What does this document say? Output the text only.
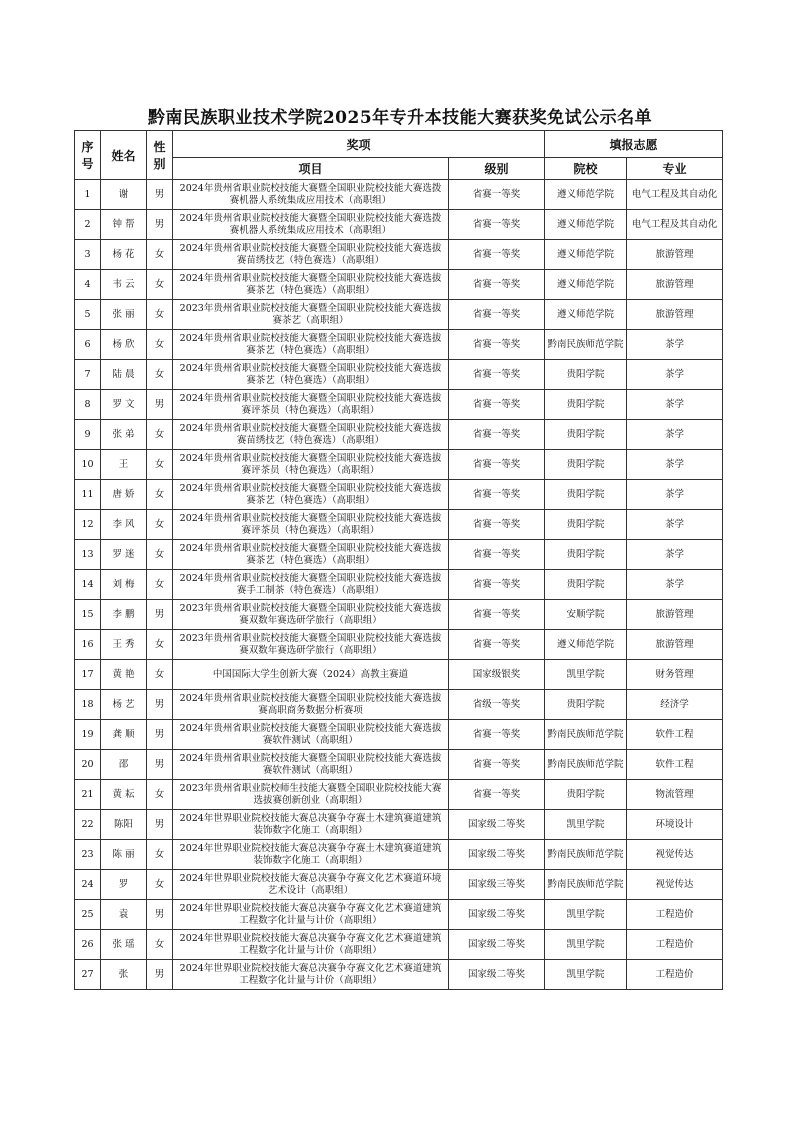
黔南民族职业技术学院2025年专升本技能大赛获奖免试公示名单
序号	姓名	性别	奖项		填报志愿	
			项目	级别	院校	专业
1	谢	男	2024年贵州省职业院校技能大赛暨全国职业院校技能大赛选拨赛机器人系统集成应用技术（高职组）	省赛一等奖	遵义师范学院	电气工程及其自动化
2	钟 帮	男	2024年贵州省职业院校技能大赛暨全国职业院校技能大赛选拨赛机器人系统集成应用技术（高职组）	省赛一等奖	遵义师范学院	电气工程及其自动化
3	杨 花	女	2024年贵州省职业院校技能大赛暨全国职业院校技能大赛选拔赛苗绣技艺（特色赛选）（高职组）	省赛一等奖	遵义师范学院	旅游管理
4	韦 云	女	2024年贵州省职业院校技能大赛暨全国职业院校技能大赛选拔赛茶艺（特色赛选）（高职组）	省赛一等奖	遵义师范学院	旅游管理
5	张 丽	女	2023年贵州省职业院校技能大赛暨全国职业院校技能大赛选拔赛茶艺（高职组）	省赛一等奖	遵义师范学院	旅游管理
6	杨 欣	女	2024年贵州省职业院校技能大赛暨全国职业院校技能大赛选拔赛茶艺（特色赛选）（高职组）	省赛一等奖	黔南民族师范学院	茶学
7	陆 晨	女	2024年贵州省职业院校技能大赛暨全国职业院校技能大赛选拔赛茶艺（特色赛选）（高职组）	省赛一等奖	贵阳学院	茶学
8	罗 文	男	2024年贵州省职业院校技能大赛暨全国职业院校技能大赛选拔赛评茶员（特色赛选）（高职组）	省赛一等奖	贵阳学院	茶学
9	张 弟	女	2024年贵州省职业院校技能大赛暨全国职业院校技能大赛选拔赛苗绣技艺（特色赛选）（高职组）	省赛一等奖	贵阳学院	茶学
10	王	女	2024年贵州省职业院校技能大赛暨全国职业院校技能大赛选拔赛评茶员（特色赛选）（高职组）	省赛一等奖	贵阳学院	茶学
11	唐 娇	女	2024年贵州省职业院校技能大赛暨全国职业院校技能大赛选拔赛茶艺（特色赛选）（高职组）	省赛一等奖	贵阳学院	茶学
12	李 风	女	2024年贵州省职业院校技能大赛暨全国职业院校技能大赛选拔赛评茶员（特色赛选）（高职组）	省赛一等奖	贵阳学院	茶学
13	罗 迷	女	2024年贵州省职业院校技能大赛暨全国职业院校技能大赛选拔赛茶艺（特色赛选）（高职组）	省赛一等奖	贵阳学院	茶学
14	刘 梅	女	2024年贵州省职业院校技能大赛暨全国职业院校技能大赛选拔赛手工制茶（特色赛选）（高职组）	省赛一等奖	贵阳学院	茶学
15	李 鹏	男	2023年贵州省职业院校技能大赛暨全国职业院校技能大赛选拔赛双数年赛选研学旅行（高职组）	省赛一等奖	安顺学院	旅游管理
16	王 秀	女	2023年贵州省职业院校技能大赛暨全国职业院校技能大赛选拔赛双数年赛选研学旅行（高职组）	省赛一等奖	遵义师范学院	旅游管理
17	黄 艳	女	中国国际大学生创新大赛（2024）高教主赛道	国家级银奖	凯里学院	财务管理
18	杨 艺	男	2024年贵州省职业院校技能大赛暨全国职业院校技能大赛选拔赛高职商务数据分析赛项	省级一等奖	贵阳学院	经济学
19	龚 顺	男	2024年贵州省职业院校技能大赛暨全国职业院校技能大赛选拔赛软件测试（高职组）	省赛一等奖	黔南民族师范学院	软件工程
20	邵	男	2024年贵州省职业院校技能大赛暨全国职业院校技能大赛选拔赛软件测试（高职组）	省赛一等奖	黔南民族师范学院	软件工程
21	黄 耘	女	2023年贵州省职业院校师生技能大赛暨全国职业院校技能大赛选拔赛创新创业（高职组）	省赛一等奖	贵阳学院	物流管理
22	陈阳	男	2024年世界职业院校技能大赛总决赛争夺赛土木建筑赛道建筑装饰数字化施工（高职组）	国家级二等奖	凯里学院	环境设计
23	陈 丽	女	2024年世界职业院校技能大赛总决赛争夺赛土木建筑赛道建筑装饰数字化施工（高职组）	国家级二等奖	黔南民族师范学院	视觉传达
24	罗	女	2024年世界职业院校技能大赛总决赛争夺赛文化艺术赛道环境艺术设计（高职组）	国家级三等奖	黔南民族师范学院	视觉传达
25	袁	男	2024年世界职业院校技能大赛总决赛争夺赛文化艺术赛道建筑工程数字化计量与计价（高职组）	国家级二等奖	凯里学院	工程造价
26	张 瑶	女	2024年世界职业院校技能大赛总决赛争夺赛文化艺术赛道建筑工程数字化计量与计价（高职组）	国家级二等奖	凯里学院	工程造价
27	张	男	2024年世界职业院校技能大赛总决赛争夺赛文化艺术赛道建筑工程数字化计量与计价（高职组）	国家级二等奖	凯里学院	工程造价
